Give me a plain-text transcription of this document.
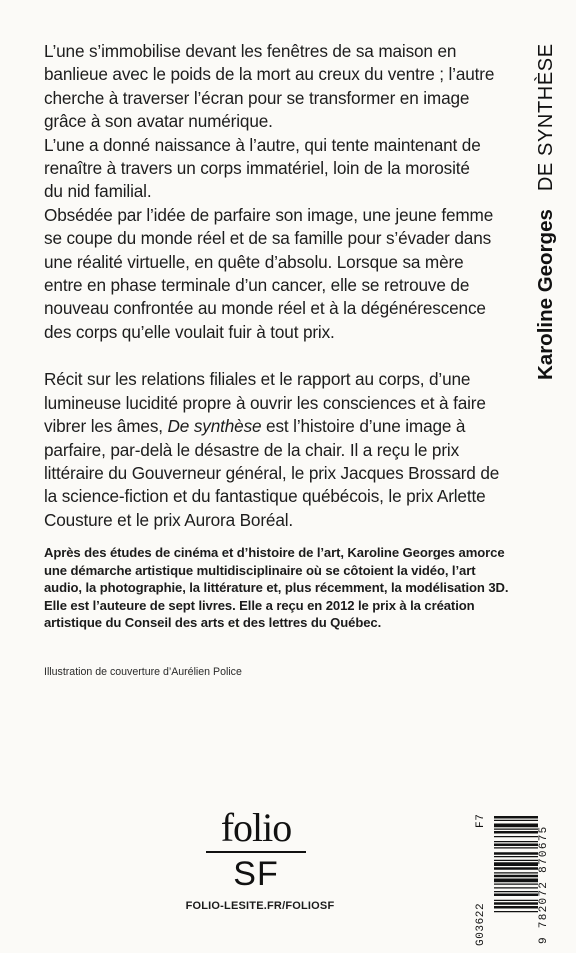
L’une s’immobilise devant les fenêtres de sa maison en
banlieue avec le poids de la mort au creux du ventre ; l’autre
cherche à traverser l’écran pour se transformer en image
grâce à son avatar numérique.
L’une a donné naissance à l’autre, qui tente maintenant de
renaître à travers un corps immatériel, loin de la morosité
du nid familial.
Obsédée par l’idée de parfaire son image, une jeune femme
se coupe du monde réel et de sa famille pour s’évader dans
une réalité virtuelle, en quête d’absolu. Lorsque sa mère
entre en phase terminale d’un cancer, elle se retrouve de
nouveau confrontée au monde réel et à la dégénérescence
des corps qu’elle voulait fuir à tout prix.

Récit sur les relations filiales et le rapport au corps, d’une lumineuse lucidité propre à ouvrir les consciences et à faire vibrer les âmes, De synthèse est l’histoire d’une image à parfaire, par-delà le désastre de la chair. Il a reçu le prix littéraire du Gouverneur général, le prix Jacques Brossard de la science-fiction et du fantastique québécois, le prix Arlette Cousture et le prix Aurora Boréal.

Après des études de cinéma et d’histoire de l’art, Karoline Georges amorce une démarche artistique multidisciplinaire où se côtoient la vidéo, l’art audio, la photographie, la littérature et, plus récemment, la modélisation 3D. Elle est l’auteure de sept livres. Elle a reçu en 2012 le prix à la création artistique du Conseil des arts et des lettres du Québec.
Illustration de couverture d’Aurélien Police
Karoline GeorgesDE SYNTHÈSE
folio
SF
FOLIO-LESITE.FR/FOLIOSF	G03622
F7
9 782072 870675
